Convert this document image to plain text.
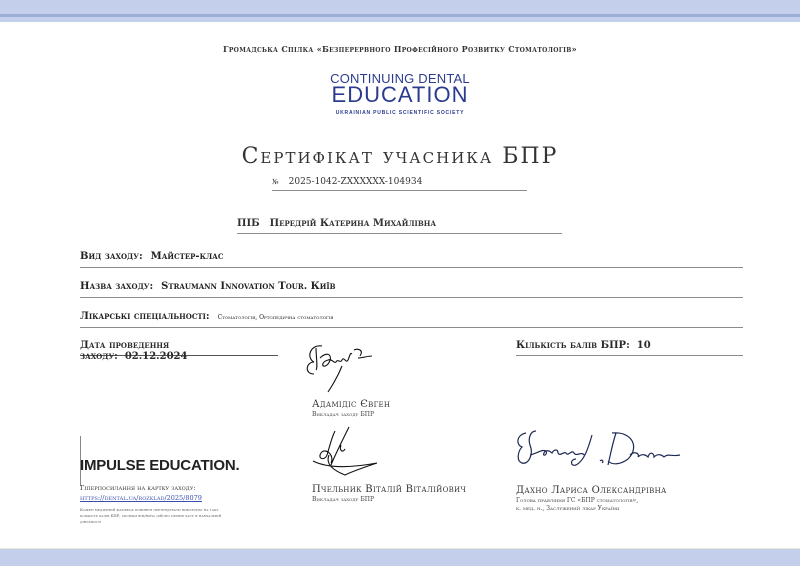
Громадська Спілка «Безперервного Професійного Розвитку Стоматологів»
CONTINUING DENTAL
EDUCATION
UKRAINIAN PUBLIC SCIENTIFIC SOCIETY
Сертифікат учасника БПР
№ 2025-1042-ZXXXXXX-104934
ПІБ Передрій Катерина Михайлівна
Вид заходу: Майстер-клас
Назва заходу: Straumann Innovation Tour. Київ
Лікарські спеціальності: Стоматологія, Ортопедична стоматологія
Дата проведення заходу: 02.12.2024
Кількість балів БПР: 10
Адамідіс Євген
Викладач заходу БПР
Пчельник Віталій Віталійович
Викладач заходу БПР
Дахно Лариса Олександрівна
Голова правління ГС «БПР стоматологів»,
к. мед. н., Заслужений лікар України
IMPULSE EDUCATION.
Гіперпосилання на картку заходу:
https://dental.ua/rozklad/2025/8079
Кожен медичний фахівець повинен претендувати виключно на таку кількість балів БПР, скільки він/вона дійсно провів часу в навчальній діяльності
